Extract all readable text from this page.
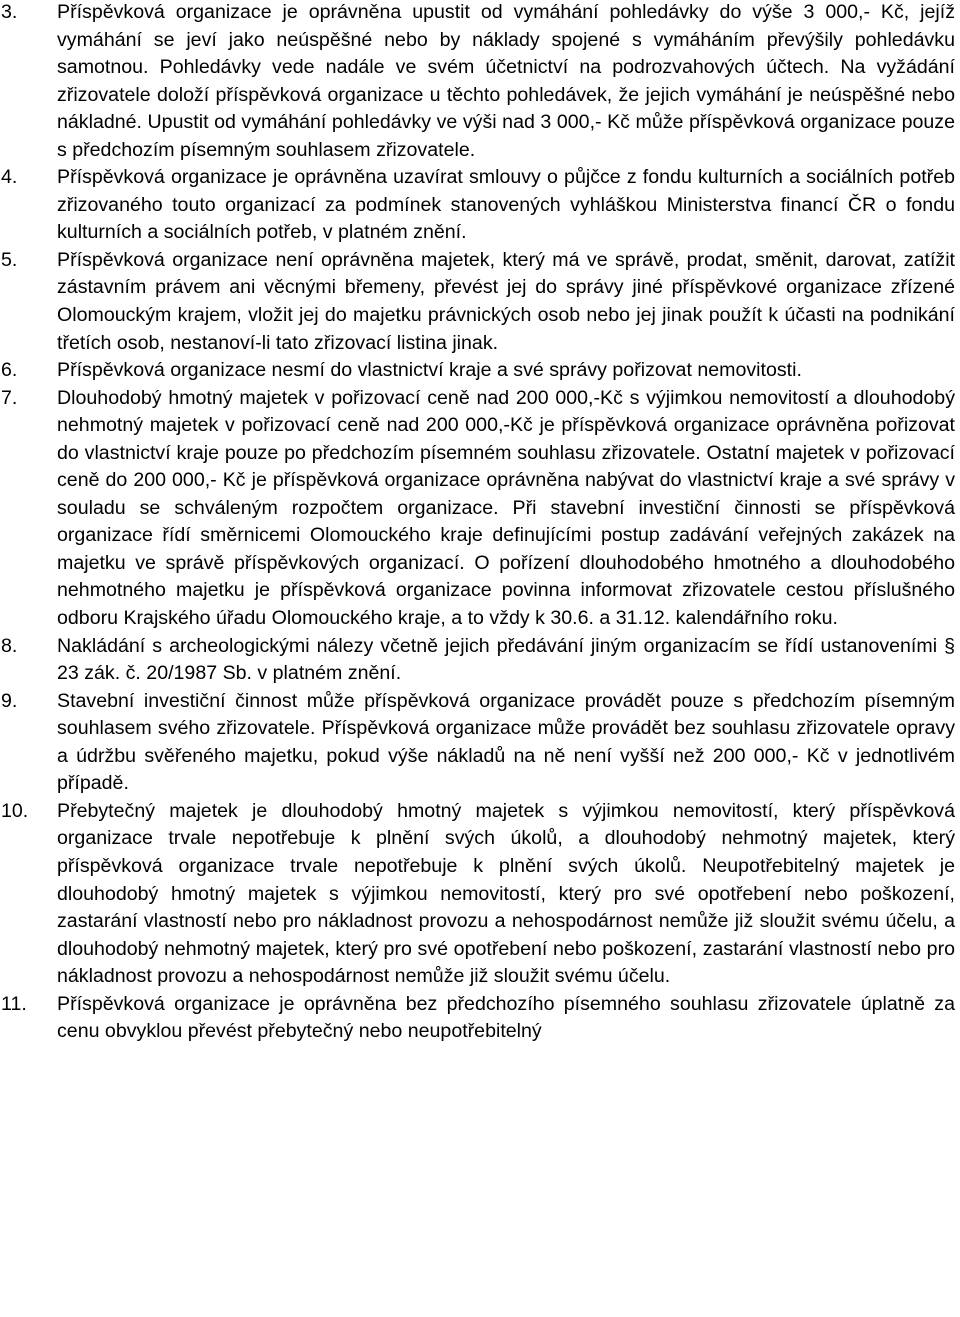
3.	Příspěvková organizace je oprávněna upustit od vymáhání pohledávky do výše 3 000,- Kč, jejíž vymáhání se jeví jako neúspěšné nebo by náklady spojené s vymáháním převýšily pohledávku samotnou. Pohledávky vede nadále ve svém účetnictví na podrozvahových účtech. Na vyžádání zřizovatele doloží příspěvková organizace u těchto pohledávek, že jejich vymáhání je neúspěšné nebo nákladné. Upustit od vymáhání pohledávky ve výši nad 3 000,- Kč může příspěvková organizace pouze s předchozím písemným souhlasem zřizovatele.
4.	Příspěvková organizace je oprávněna uzavírat smlouvy o půjčce z fondu kulturních a sociálních potřeb zřizovaného touto organizací za podmínek stanovených vyhláškou Ministerstva financí ČR o fondu kulturních a sociálních potřeb, v platném znění.
5.	Příspěvková organizace není oprávněna majetek, který má ve správě, prodat, směnit, darovat, zatížit zástavním právem ani věcnými břemeny, převést jej do správy jiné příspěvkové organizace zřízené Olomouckým krajem, vložit jej do majetku právnických osob nebo jej jinak použít k účasti na podnikání třetích osob, nestanoví-li tato zřizovací listina jinak.
6.	Příspěvková organizace nesmí do vlastnictví kraje a své správy pořizovat nemovitosti.
7.	Dlouhodobý hmotný majetek v pořizovací ceně nad 200 000,-Kč s výjimkou nemovitostí a dlouhodobý nehmotný majetek v pořizovací ceně nad 200 000,-Kč je příspěvková organizace oprávněna pořizovat do vlastnictví kraje pouze po předchozím písemném souhlasu zřizovatele. Ostatní majetek v pořizovací ceně do 200 000,- Kč je příspěvková organizace oprávněna nabývat do vlastnictví kraje a své správy v souladu se schváleným rozpočtem organizace. Při stavební investiční činnosti se příspěvková organizace řídí směrnicemi Olomouckého kraje definujícími postup zadávání veřejných zakázek na majetku ve správě příspěvkových organizací. O pořízení dlouhodobého hmotného a dlouhodobého nehmotného majetku je příspěvková organizace povinna informovat zřizovatele cestou příslušného odboru Krajského úřadu Olomouckého kraje, a to vždy k 30.6. a 31.12. kalendářního roku.
8.	Nakládání s archeologickými nálezy včetně jejich předávání jiným organizacím se řídí ustanoveními § 23 zák. č. 20/1987 Sb. v platném znění.
9.	Stavební investiční činnost může příspěvková organizace provádět pouze s předchozím písemným souhlasem svého zřizovatele. Příspěvková organizace může provádět bez souhlasu zřizovatele opravy a údržbu svěřeného majetku, pokud výše nákladů na ně není vyšší než 200 000,- Kč v jednotlivém případě.
10.	Přebytečný majetek je dlouhodobý hmotný majetek s výjimkou nemovitostí, který příspěvková organizace trvale nepotřebuje k plnění svých úkolů, a dlouhodobý nehmotný majetek, který příspěvková organizace trvale nepotřebuje k plnění svých úkolů. Neupotřebitelný majetek je dlouhodobý hmotný majetek s výjimkou nemovitostí, který pro své opotřebení nebo poškození, zastarání vlastností nebo pro nákladnost provozu a nehospodárnost nemůže již sloužit svému účelu, a dlouhodobý nehmotný majetek, který pro své opotřebení nebo poškození, zastarání vlastností nebo pro nákladnost provozu a nehospodárnost nemůže již sloužit svému účelu.
11.	Příspěvková organizace je oprávněna bez předchozího písemného souhlasu zřizovatele úplatně za cenu obvyklou převést přebytečný nebo neupotřebitelný
